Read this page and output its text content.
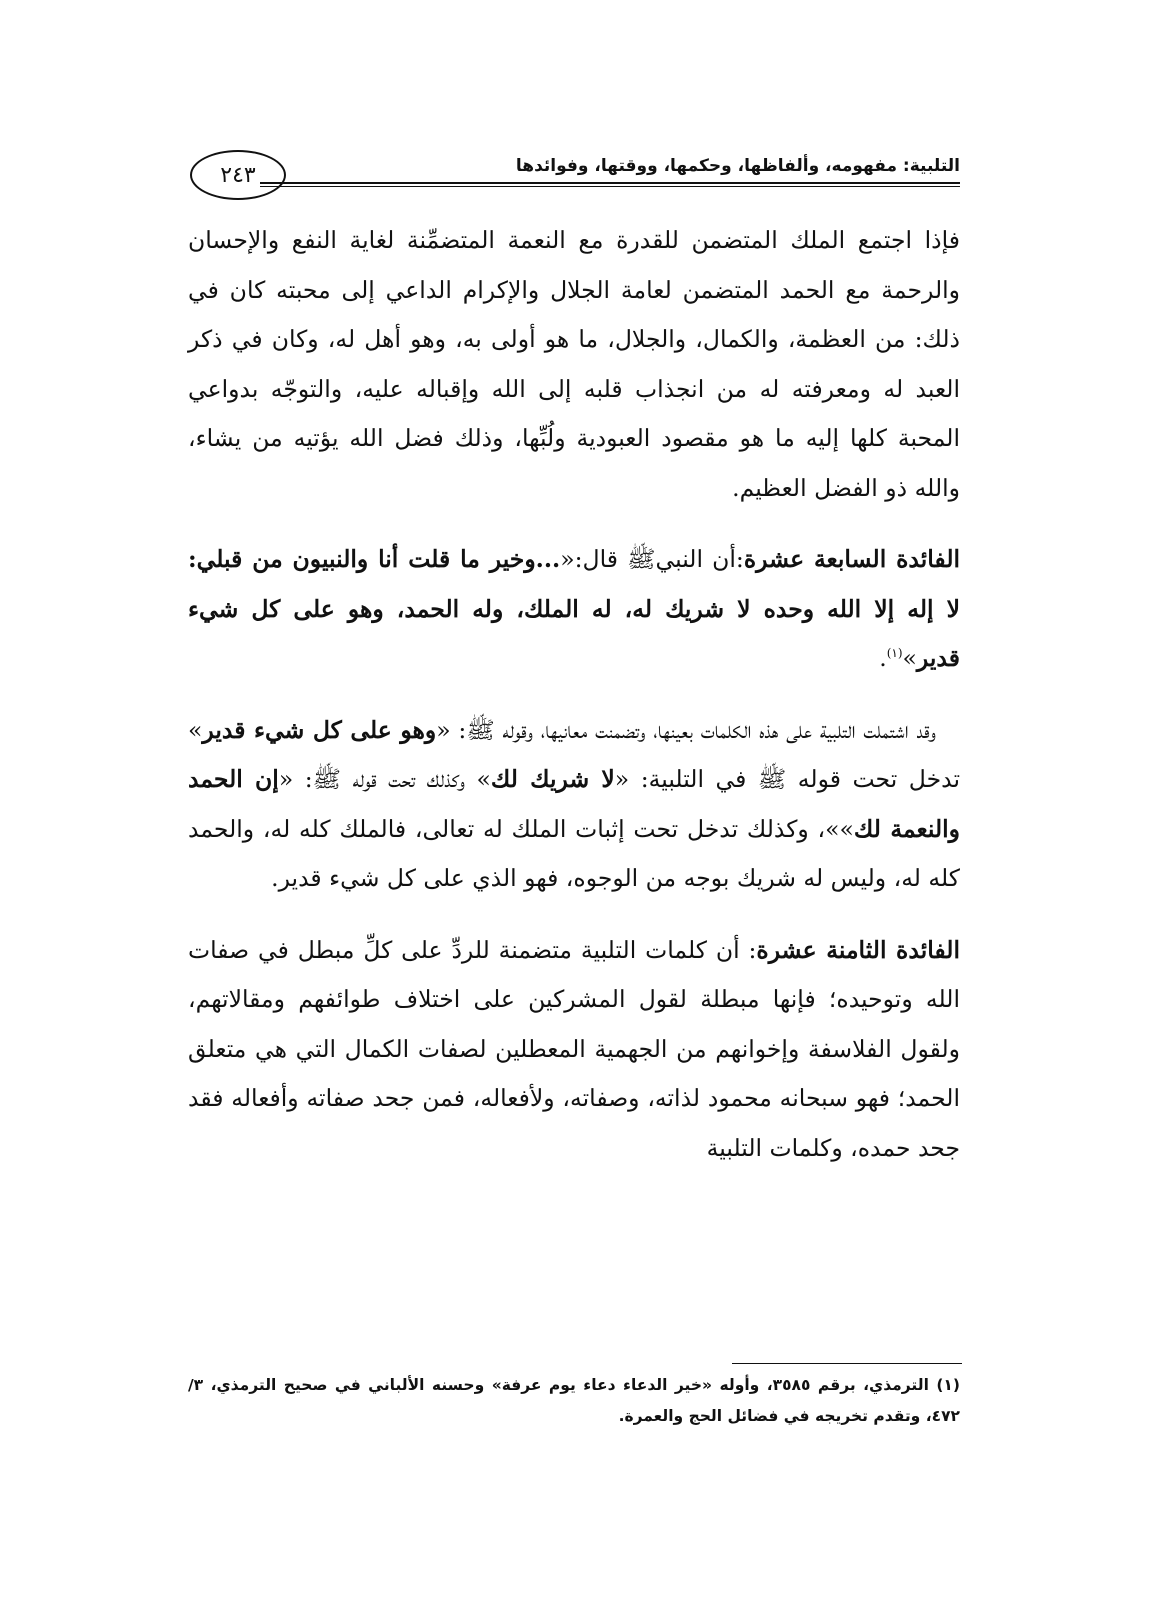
٢٤٣	التلبية: مفهومه، وألفاظها، وحكمها، ووقتها، وفوائدها

فإذا اجتمع الملك المتضمن للقدرة مع النعمة المتضمِّنة لغاية النفع والإحسان والرحمة مع الحمد المتضمن لعامة الجلال والإكرام الداعي إلى محبته كان في ذلك: من العظمة، والكمال، والجلال، ما هو أولى به، وهو أهل له، وكان في ذكر العبد له ومعرفته له من انجذاب قلبه إلى الله وإقباله عليه، والتوجّه بدواعي المحبة كلها إليه ما هو مقصود العبودية ولُبِّها، وذلك فضل الله يؤتيه من يشاء، والله ذو الفضل العظيم.

الفائدة السابعة عشرة:أن النبيﷺ قال:«...وخير ما قلت أنا والنبيون من قبلي: لا إله إلا الله وحده لا شريك له، له الملك، وله الحمد، وهو على كل شيء قدير»$^{(١)}$.

وقد اشتملت التلبية على هذه الكلمات بعينها، وتضمنت معانيها، وقوله ﷺ: «وهو على كل شيء قدير» تدخل تحت قوله ﷺ في التلبية: «لا شريك لك» وكذلك تحت قوله ﷺ: «إن الحمد والنعمة لك»»، وكذلك تدخل تحت إثبات الملك له تعالى، فالملك كله له، والحمد كله له، وليس له شريك بوجه من الوجوه، فهو الذي على كل شيء قدير.

الفائدة الثامنة عشرة: أن كلمات التلبية متضمنة للردِّ على كلِّ مبطل في صفات الله وتوحيده؛ فإنها مبطلة لقول المشركين على اختلاف طوائفهم ومقالاتهم، ولقول الفلاسفة وإخوانهم من الجهمية المعطلين لصفات الكمال التي هي متعلق الحمد؛ فهو سبحانه محمود لذاته، وصفاته، ولأفعاله، فمن جحد صفاته وأفعاله فقد جحد حمده، وكلمات التلبية

(١) الترمذي، برقم ٣٥٨٥، وأوله «خير الدعاء دعاء يوم عرفة» وحسنه الألباني في صحيح الترمذي، ٣/ ٤٧٢، وتقدم تخريجه في فضائل الحج والعمرة.
